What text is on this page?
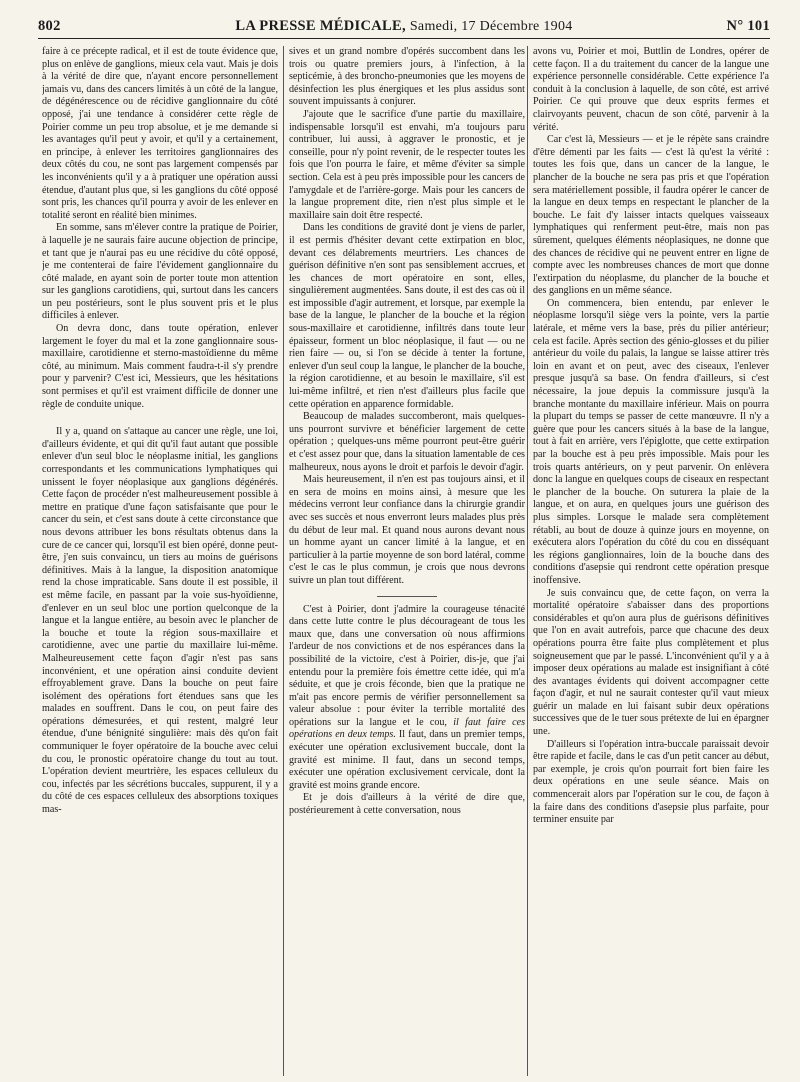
802	LA PRESSE MÉDICALE, Samedi, 17 Décembre 1904	N° 101

faire à ce précepte radical, et il est de toute évidence que, plus on enlève de ganglions, mieux cela vaut. Mais je dois à la vérité de dire que, n'ayant encore personnellement jamais vu, dans des cancers limités à un côté de la langue, de dégénérescence ou de récidive ganglionnaire du côté opposé, j'ai une tendance à considérer cette règle de Poirier comme un peu trop absolue, et je me demande si les avantages qu'il peut y avoir, et qu'il y a certainement, en principe, à enlever les territoires ganglionnaires des deux côtés du cou, ne sont pas largement compensés par les inconvénients qu'il y a à pratiquer une opération aussi étendue, d'autant plus que, si les ganglions du côté opposé sont pris, les chances qu'il pourra y avoir de les enlever en totalité seront en réalité bien minimes.

En somme, sans m'élever contre la pratique de Poirier, à laquelle je ne saurais faire aucune objection de principe, et tant que je n'aurai pas eu une récidive du côté opposé, je me contenterai de faire l'évidement ganglionnaire du côté malade, en ayant soin de porter toute mon attention sur les ganglions carotidiens, qui, surtout dans les cancers un peu postérieurs, sont le plus souvent pris et le plus difficiles à enlever.

On devra donc, dans toute opération, enlever largement le foyer du mal et la zone ganglionnaire sous-maxillaire, carotidienne et sterno-mastoïdienne du même côté, au minimum. Mais comment faudra-t-il s'y prendre pour y parvenir? C'est ici, Messieurs, que les hésitations sont permises et qu'il est vraiment difficile de donner une règle de conduite unique.

Il y a, quand on s'attaque au cancer une règle, une loi, d'ailleurs évidente, et qui dit qu'il faut autant que possible enlever d'un seul bloc le néoplasme initial, les ganglions correspondants et les communications lymphatiques qui unissent le foyer néoplasique aux ganglions dégénérés. Cette façon de procéder n'est malheureusement possible à mettre en pratique d'une façon satisfaisante que pour le cancer du sein, et c'est sans doute à cette circonstance que nous devons attribuer les bons résultats obtenus dans la cure de ce cancer qui, lorsqu'il est bien opéré, donne peut-être, j'en suis convaincu, un tiers au moins de guérisons définitives. Mais à la langue, la disposition anatomique rend la chose impraticable. Sans doute il est possible, il est même facile, en passant par la voie sus-hyoïdienne, d'enlever en un seul bloc une portion quelconque de la langue et la langue entière, au besoin avec le plancher de la bouche et toute la région sous-maxillaire et carotidienne, avec une partie du maxillaire lui-même. Malheureusement cette façon d'agir n'est pas sans inconvénient, et une opération ainsi conduite devient effroyablement grave. Dans la bouche on peut faire isolément des opérations fort étendues sans que les malades en souffrent. Dans le cou, on peut faire des opérations démesurées, et qui restent, malgré leur étendue, d'une bénignité singulière: mais dès qu'on fait communiquer le foyer opératoire de la bouche avec celui du cou, le pronostic opératoire change du tout au tout. L'opération devient meurtrière, les espaces celluleux du cou, infectés par les sécrétions buccales, suppurent, il y a du côté de ces espaces celluleux des absorptions toxiques mas-

sives et un grand nombre d'opérés succombent dans les trois ou quatre premiers jours, à l'infection, à la septicémie, à des broncho-pneumonies que les moyens de désinfection les plus énergiques et les plus assidus sont souvent impuissants à conjurer.

J'ajoute que le sacrifice d'une partie du maxillaire, indispensable lorsqu'il est envahi, m'a toujours paru contribuer, lui aussi, à aggraver le pronostic, et je conseille, pour n'y point revenir, de le respecter toutes les fois que l'on pourra le faire, et même d'éviter sa simple section. Cela est à peu près impossible pour les cancers de l'amygdale et de l'arrière-gorge. Mais pour les cancers de la langue proprement dite, rien n'est plus simple et le maxillaire sain doit être respecté.

Dans les conditions de gravité dont je viens de parler, il est permis d'hésiter devant cette extirpation en bloc, devant ces délabrements meurtriers. Les chances de guérison définitive n'en sont pas sensiblement accrues, et les chances de mort opératoire en sont, elles, singulièrement augmentées. Sans doute, il est des cas où il est impossible d'agir autrement, et lorsque, par exemple la base de la langue, le plancher de la bouche et la région sous-maxillaire et carotidienne, infiltrés dans toute leur épaisseur, forment un bloc néoplasique, il faut — ou ne rien faire — ou, si l'on se décide à tenter la fortune, enlever d'un seul coup la langue, le plancher de la bouche, la région carotidienne, et au besoin le maxillaire, s'il est lui-même infiltré, et rien n'est d'ailleurs plus facile que cette opération en apparence formidable.

Beaucoup de malades succomberont, mais quelques-uns pourront survivre et bénéficier largement de cette opération ; quelques-uns même pourront peut-être guérir et c'est assez pour que, dans la situation lamentable de ces malheureux, nous ayons le droit et parfois le devoir d'agir.

Mais heureusement, il n'en est pas toujours ainsi, et il en sera de moins en moins ainsi, à mesure que les médecins verront leur confiance dans la chirurgie grandir avec ses succès et nous enverront leurs malades plus près du début de leur mal. Et quand nous aurons devant nous un homme ayant un cancer limité à la langue, et en particulier à la partie moyenne de son bord latéral, comme c'est le cas le plus commun, je crois que nous devrons suivre un plan tout différent.

C'est à Poirier, dont j'admire la courageuse ténacité dans cette lutte contre le plus décourageant de tous les maux que, dans une conversation où nous affirmions l'ardeur de nos convictions et de nos espérances dans la possibilité de la victoire, c'est à Poirier, dis-je, que j'ai entendu pour la première fois émettre cette idée, qui m'a séduite, et que je crois féconde, bien que la pratique ne m'ait pas encore permis de vérifier personnellement sa valeur absolue : pour éviter la terrible mortalité des opérations sur la langue et le cou, il faut faire ces opérations en deux temps. Il faut, dans un premier temps, exécuter une opération exclusivement buccale, dont la gravité est minime. Il faut, dans un second temps, exécuter une opération exclusivement cervicale, dont la gravité est moins grande encore.

Et je dois d'ailleurs à la vérité de dire que, postérieurement à cette conversation, nous

avons vu, Poirier et moi, Buttlin de Londres, opérer de cette façon. Il a du traitement du cancer de la langue une expérience personnelle considérable. Cette expérience l'a conduit à la conclusion à laquelle, de son côté, est arrivé Poirier. Ce qui prouve que deux esprits fermes et clairvoyants peuvent, chacun de son côté, parvenir à la vérité.

Car c'est là, Messieurs — et je le répète sans craindre d'être démenti par les faits — c'est là qu'est la vérité : toutes les fois que, dans un cancer de la langue, le plancher de la bouche ne sera pas pris et que l'opération sera matériellement possible, il faudra opérer le cancer de la langue en deux temps en respectant le plancher de la bouche. Le fait d'y laisser intacts quelques vaisseaux lymphatiques qui renferment peut-être, mais non pas sûrement, quelques éléments néoplasiques, ne donne que des chances de récidive qui ne peuvent entrer en ligne de compte avec les nombreuses chances de mort que donne l'extirpation du néoplasme, du plancher de la bouche et des ganglions en un même séance.

On commencera, bien entendu, par enlever le néoplasme lorsqu'il siège vers la pointe, vers la partie latérale, et même vers la base, près du pilier antérieur; cela est facile. Après section des génio-glosses et du pilier antérieur du voile du palais, la langue se laisse attirer très loin en avant et on peut, avec des ciseaux, l'enlever presque jusqu'à sa base. On fendra d'ailleurs, si c'est nécessaire, la joue depuis la commissure jusqu'à la branche montante du maxillaire inférieur. Mais on pourra la plupart du temps se passer de cette manœuvre. Il n'y a guère que pour les cancers situés à la base de la langue, tout à fait en arrière, vers l'épiglotte, que cette extirpation par la bouche est à peu près impossible. Mais pour les trois quarts antérieurs, on y peut parvenir. On enlèvera donc la langue en quelques coups de ciseaux en respectant le plancher de la bouche. On suturera la plaie de la langue, et on aura, en quelques jours une guérison des plus simples. Lorsque le malade sera complètement rétabli, au bout de douze à quinze jours en moyenne, on exécutera alors l'opération du côté du cou en disséquant les régions ganglionnaires, loin de la bouche dans des conditions d'asepsie qui rendront cette opération presque inoffensive.

Je suis convaincu que, de cette façon, on verra la mortalité opératoire s'abaisser dans des proportions considérables et qu'on aura plus de guérisons définitives que l'on en avait autrefois, parce que chacune des deux opérations pourra être faite plus complètement et plus soigneusement que par le passé. L'inconvénient qu'il y a à imposer deux opérations au malade est insignifiant à côté des avantages évidents qui doivent accompagner cette façon d'agir, et nul ne saurait contester qu'il vaut mieux guérir un malade en lui faisant subir deux opérations successives que de le tuer sous prétexte de lui en épargner une.

D'ailleurs si l'opération intra-buccale paraissait devoir être rapide et facile, dans le cas d'un petit cancer au début, par exemple, je crois qu'on pourrait fort bien faire les deux opérations en une seule séance. Mais on commencerait alors par l'opération sur le cou, de façon à la faire dans des conditions d'asepsie plus parfaite, pour terminer ensuite par
